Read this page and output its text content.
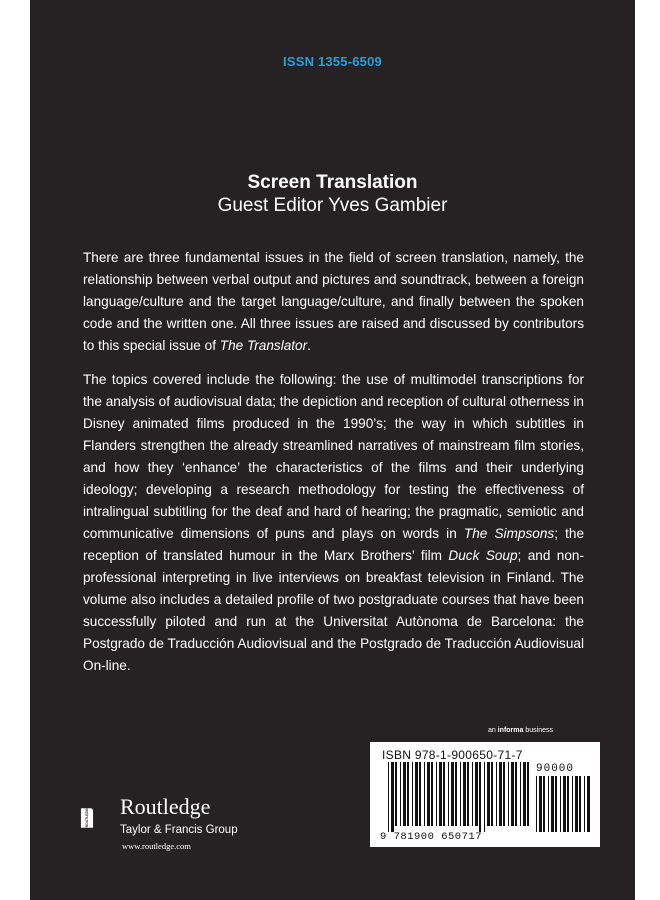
ISSN 1355-6509
Screen Translation
Guest Editor Yves Gambier

There are three fundamental issues in the field of screen translation, namely, the relationship between verbal output and pictures and soundtrack, between a foreign language/culture and the target language/culture, and finally between the spoken code and the written one. All three issues are raised and discussed by contributors to this special issue of The Translator.

The topics covered include the following: the use of multimodel transcriptions for the analysis of audiovisual data; the depiction and reception of cultural otherness in Disney animated films produced in the 1990’s; the way in which subtitles in Flanders strengthen the already streamlined narratives of mainstream film stories, and how they ‘enhance’ the characteristics of the films and their underlying ideology; developing a research methodology for testing the effectiveness of intralingual subtitling for the deaf and hard of hearing; the pragmatic, semiotic and communicative dimensions of puns and plays on words in The Simpsons; the reception of translated humour in the Marx Brothers’ film Duck Soup; and non-professional interpreting in live interviews on breakfast television in Finland. The volume also includes a detailed profile of two postgraduate courses that have been successfully piloted and run at the Universitat Autònoma de Barcelona: the Postgrado de Traducción Audiovisual and the Postgrado de Traducción Audiovisual On-line.

an informa business
ISBN 978-1-900650-71-7
90000
9 781900 650717
ROUTLEDGE Routledge
Taylor & Francis Group
www.routledge.com
